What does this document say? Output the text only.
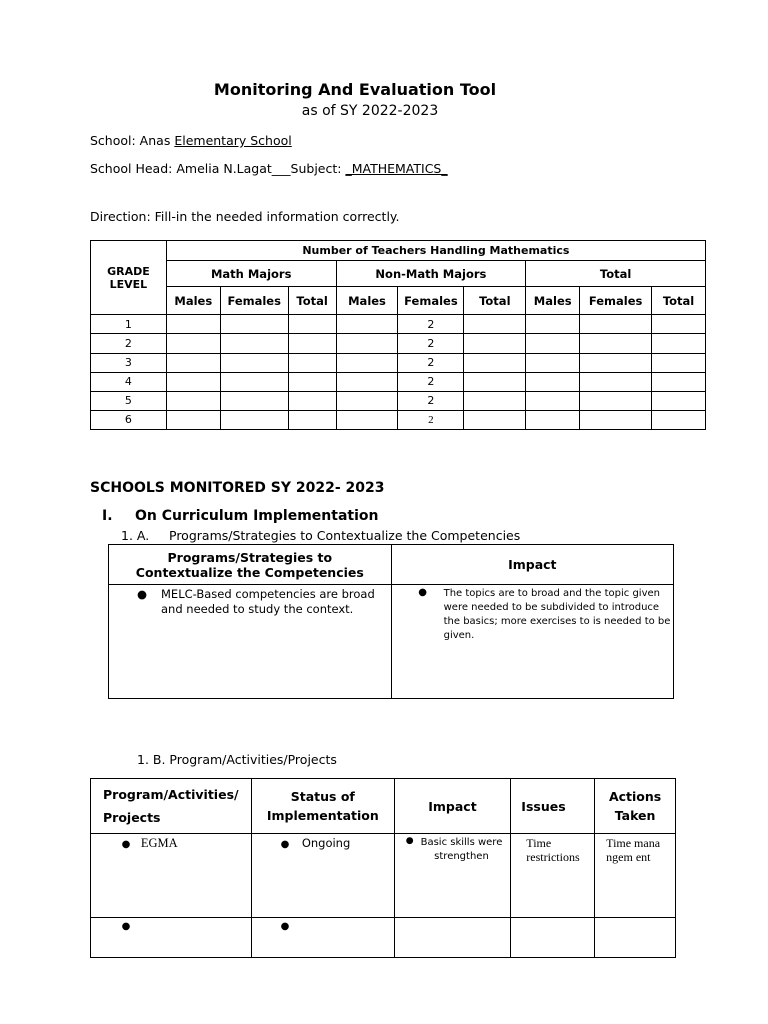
Monitoring And Evaluation Tool
as of SY 2022-2023
School: Anas Elementary School
School Head: Amelia N.Lagat___Subject: _MATHEMATICS_
Direction: Fill-in the needed information correctly.
GRADE LEVEL	Number of Teachers Handling Mathematics								
	Math Majors			Non-Math Majors			Total		
	Males	Females	Total	Males	Females	Total	Males	Females	Total
1					2				
2					2				
3					2				
4					2				
5					2				
6					2				
SCHOOLS MONITORED SY 2022- 2023
I. On Curriculum Implementation
1. A. Programs/Strategies to Contextualize the Competencies
Programs/Strategies to Contextualize the Competencies	Impact

● MELC-Based competencies are broad and needed to study the context.	● The topics are to broad and the topic given were needed to be subdivided to introduce the basics; more exercises to is needed to be given.
1. B. Program/Activities/Projects
Program/Activities/ Projects	Status of Implementation	Impact	Issues	Actions Taken
● EGMA	● Ongoing	● Basic skills were strengthen	Time restrictions	Time manangem ent
●	●			
